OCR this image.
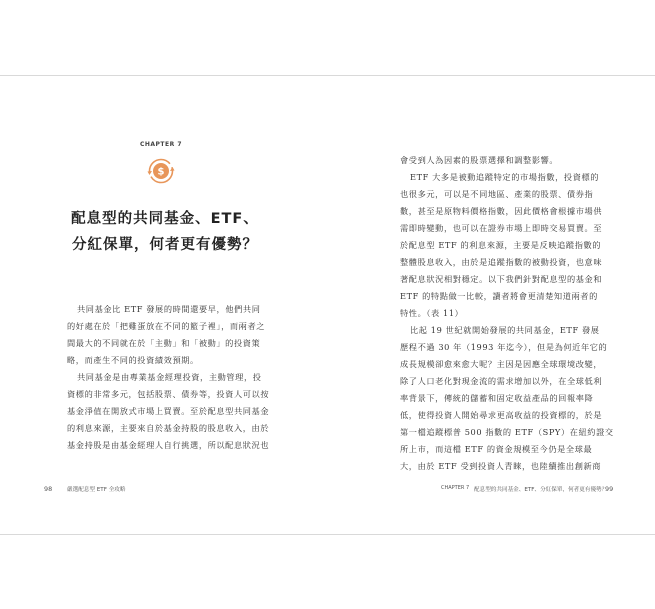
CHAPTER 7
$
配息型的共同基金、ETF、
分紅保單，何者更有優勢？
共同基金比 ETF 發展的時間還要早，他們共同
的好處在於「把雞蛋放在不同的籃子裡」，而兩者之
間最大的不同就在於「主動」和「被動」的投資策
略，而產生不同的投資績效預期。
共同基金是由專業基金經理投資，主動管理，投
資標的非常多元，包括股票、債券等，投資人可以按
基金淨值在開放式市場上買賣。至於配息型共同基金
的利息來源，主要來自於基金持股的股息收入，由於
基金持股是由基金經理人自行挑選，所以配息狀況也
98	嚴選配息型 ETF 全攻略
會受到人為因素的股票選擇和調整影響。
ETF 大多是被動追蹤特定的市場指數，投資標的
也很多元，可以是不同地區、產業的股票、債券指
數，甚至是原物料價格指數，因此價格會根據市場供
需即時變動，也可以在證券市場上即時交易買賣。至
於配息型 ETF 的利息來源，主要是反映追蹤指數的
整體股息收入，由於是追蹤指數的被動投資，也意味
著配息狀況相對穩定。以下我們針對配息型的基金和
ETF 的特點做一比較，讀者將會更清楚知道兩者的
特性。（表 11）
比起 19 世紀就開始發展的共同基金，ETF 發展
歷程不過 30 年（1993 年迄今），但是為何近年它的
成長規模卻愈來愈大呢？主因是因應全球環境改變，
除了人口老化對現金流的需求增加以外，在全球低利
率背景下，傳統的儲蓄和固定收益產品的回報率降
低，使得投資人開始尋求更高收益的投資標的，於是
第一檔追蹤標普 500 指數的 ETF（SPY）在紐約證交
所上市，而這檔 ETF 的資金規模至今仍是全球最
大，由於 ETF 受到投資人青睞，也陸續推出創新商
CHAPTER 7 配息型的共同基金、ETF、分紅保單，何者更有優勢？
99
